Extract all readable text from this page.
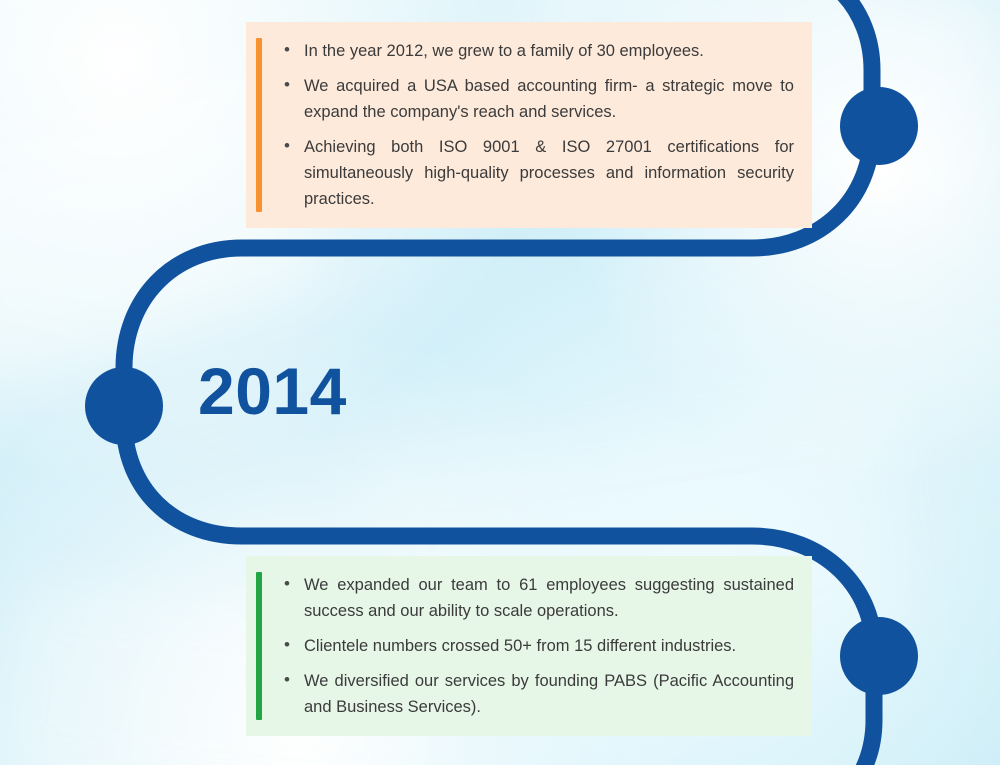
• In the year 2012, we grew to a family of 30 employees.
• We acquired a USA based accounting firm- a strategic move to expand the company's reach and services.
• Achieving both ISO 9001 & ISO 27001 certifications for simultaneously high-quality processes and information security practices.
2014
• We expanded our team to 61 employees suggesting sustained success and our ability to scale operations.
• Clientele numbers crossed 50+ from 15 different industries.
• We diversified our services by founding PABS (Pacific Accounting and Business Services).
